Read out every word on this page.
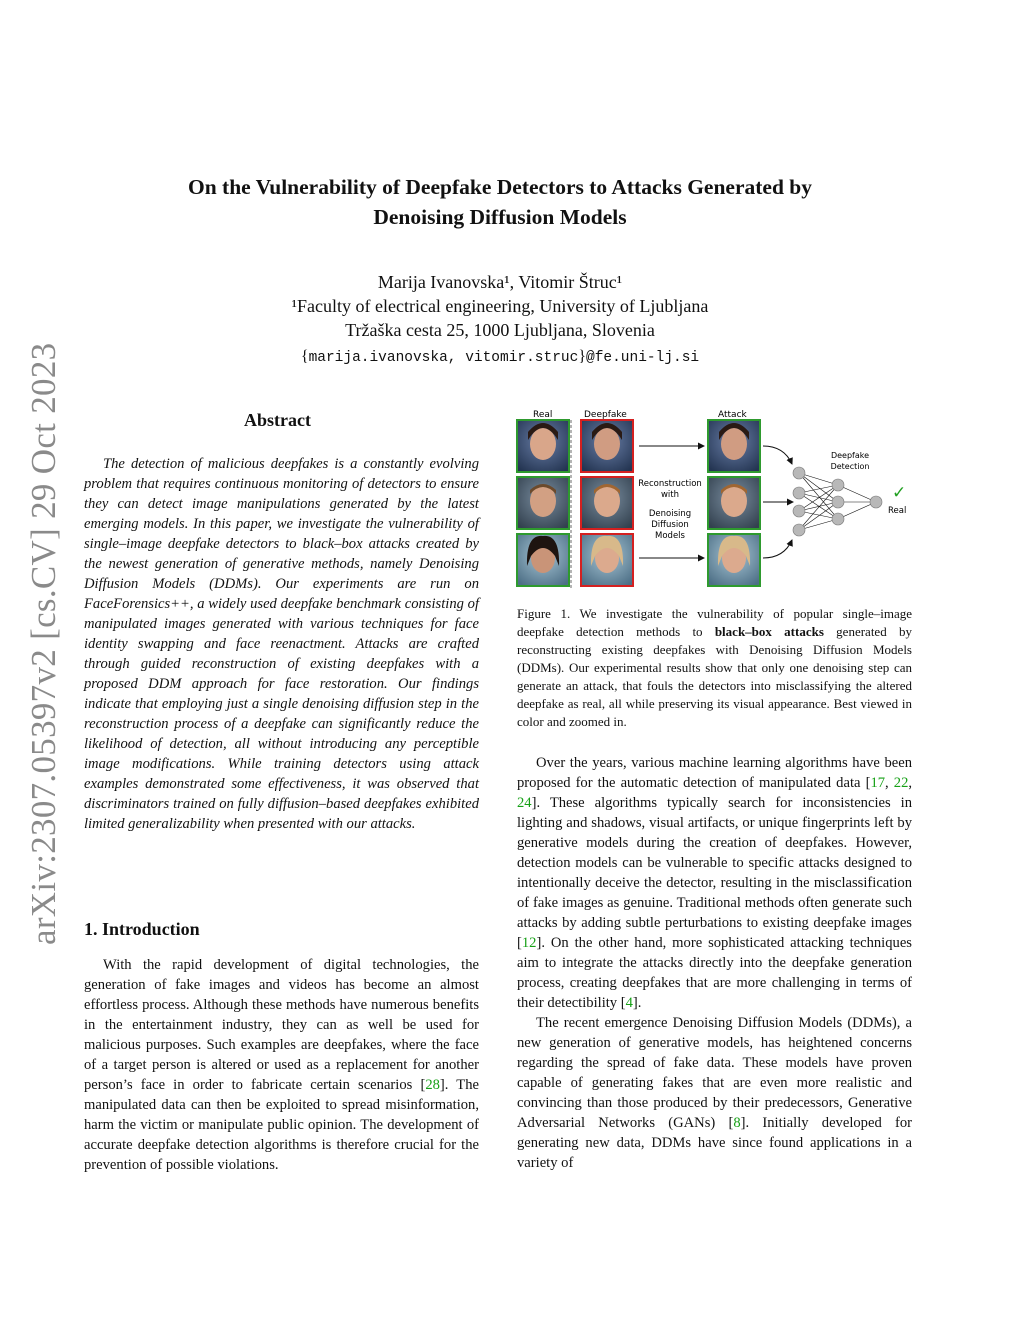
arXiv:2307.05397v2 [cs.CV] 29 Oct 2023
On the Vulnerability of Deepfake Detectors to Attacks Generated by
Denoising Diffusion Models
Marija Ivanovska¹, Vitomir Štruc¹
¹Faculty of electrical engineering, University of Ljubljana
Tržaška cesta 25, 1000 Ljubljana, Slovenia
{marija.ivanovska, vitomir.struc}@fe.uni-lj.si
Abstract

The detection of malicious deepfakes is a constantly evolving problem that requires continuous monitoring of detectors to ensure they can detect image manipulations generated by the latest emerging models. In this paper, we investigate the vulnerability of single–image deepfake detectors to black–box attacks created by the newest generation of generative methods, namely Denoising Diffusion Models (DDMs). Our experiments are run on FaceForensics++, a widely used deepfake benchmark consisting of manipulated images generated with various techniques for face identity swapping and face reenactment. Attacks are crafted through guided reconstruction of existing deepfakes with a proposed DDM approach for face restoration. Our findings indicate that employing just a single denoising diffusion step in the reconstruction process of a deepfake can significantly reduce the likelihood of detection, all without introducing any perceptible image modifications. While training detectors using attack examples demonstrated some effectiveness, it was observed that discriminators trained on fully diffusion–based deepfakes exhibited limited generalizability when presented with our attacks.

1. Introduction

With the rapid development of digital technologies, the generation of fake images and videos has become an almost effortless process. Although these methods have numerous benefits in the entertainment industry, they can as well be used for malicious purposes. Such examples are deepfakes, where the face of a target person is altered or used as a replacement for another person’s face in order to fabricate certain scenarios [28]. The manipulated data can then be exploited to spread misinformation, harm the victim or manipulate public opinion. The development of accurate deepfake detection algorithms is therefore crucial for the prevention of possible violations.

Real	Deepfake	Attack
Reconstruction
with
Denoising
Diffusion
Models
Deepfake
Detection
✓
Real
Figure 1. We investigate the vulnerability of popular single–image deepfake detection methods to black–box attacks generated by reconstructing existing deepfakes with Denoising Diffusion Models (DDMs). Our experimental results show that only one denoising step can generate an attack, that fouls the detectors into misclassifying the altered deepfake as real, all while preserving its visual appearance. Best viewed in color and zoomed in.

Over the years, various machine learning algorithms have been proposed for the automatic detection of manipulated data [17, 22, 24]. These algorithms typically search for inconsistencies in lighting and shadows, visual artifacts, or unique fingerprints left by generative models during the creation of deepfakes. However, detection models can be vulnerable to specific attacks designed to intentionally deceive the detector, resulting in the misclassification of fake images as genuine. Traditional methods often generate such attacks by adding subtle perturbations to existing deepfake images [12]. On the other hand, more sophisticated attacking techniques aim to integrate the attacks directly into the deepfake generation process, creating deepfakes that are more challenging in terms of their detectibility [4].

The recent emergence Denoising Diffusion Models (DDMs), a new generation of generative models, has heightened concerns regarding the spread of fake data. These models have proven capable of generating fakes that are even more realistic and convincing than those produced by their predecessors, Generative Adversarial Networks (GANs) [8]. Initially developed for generating new data, DDMs have since found applications in a variety of
